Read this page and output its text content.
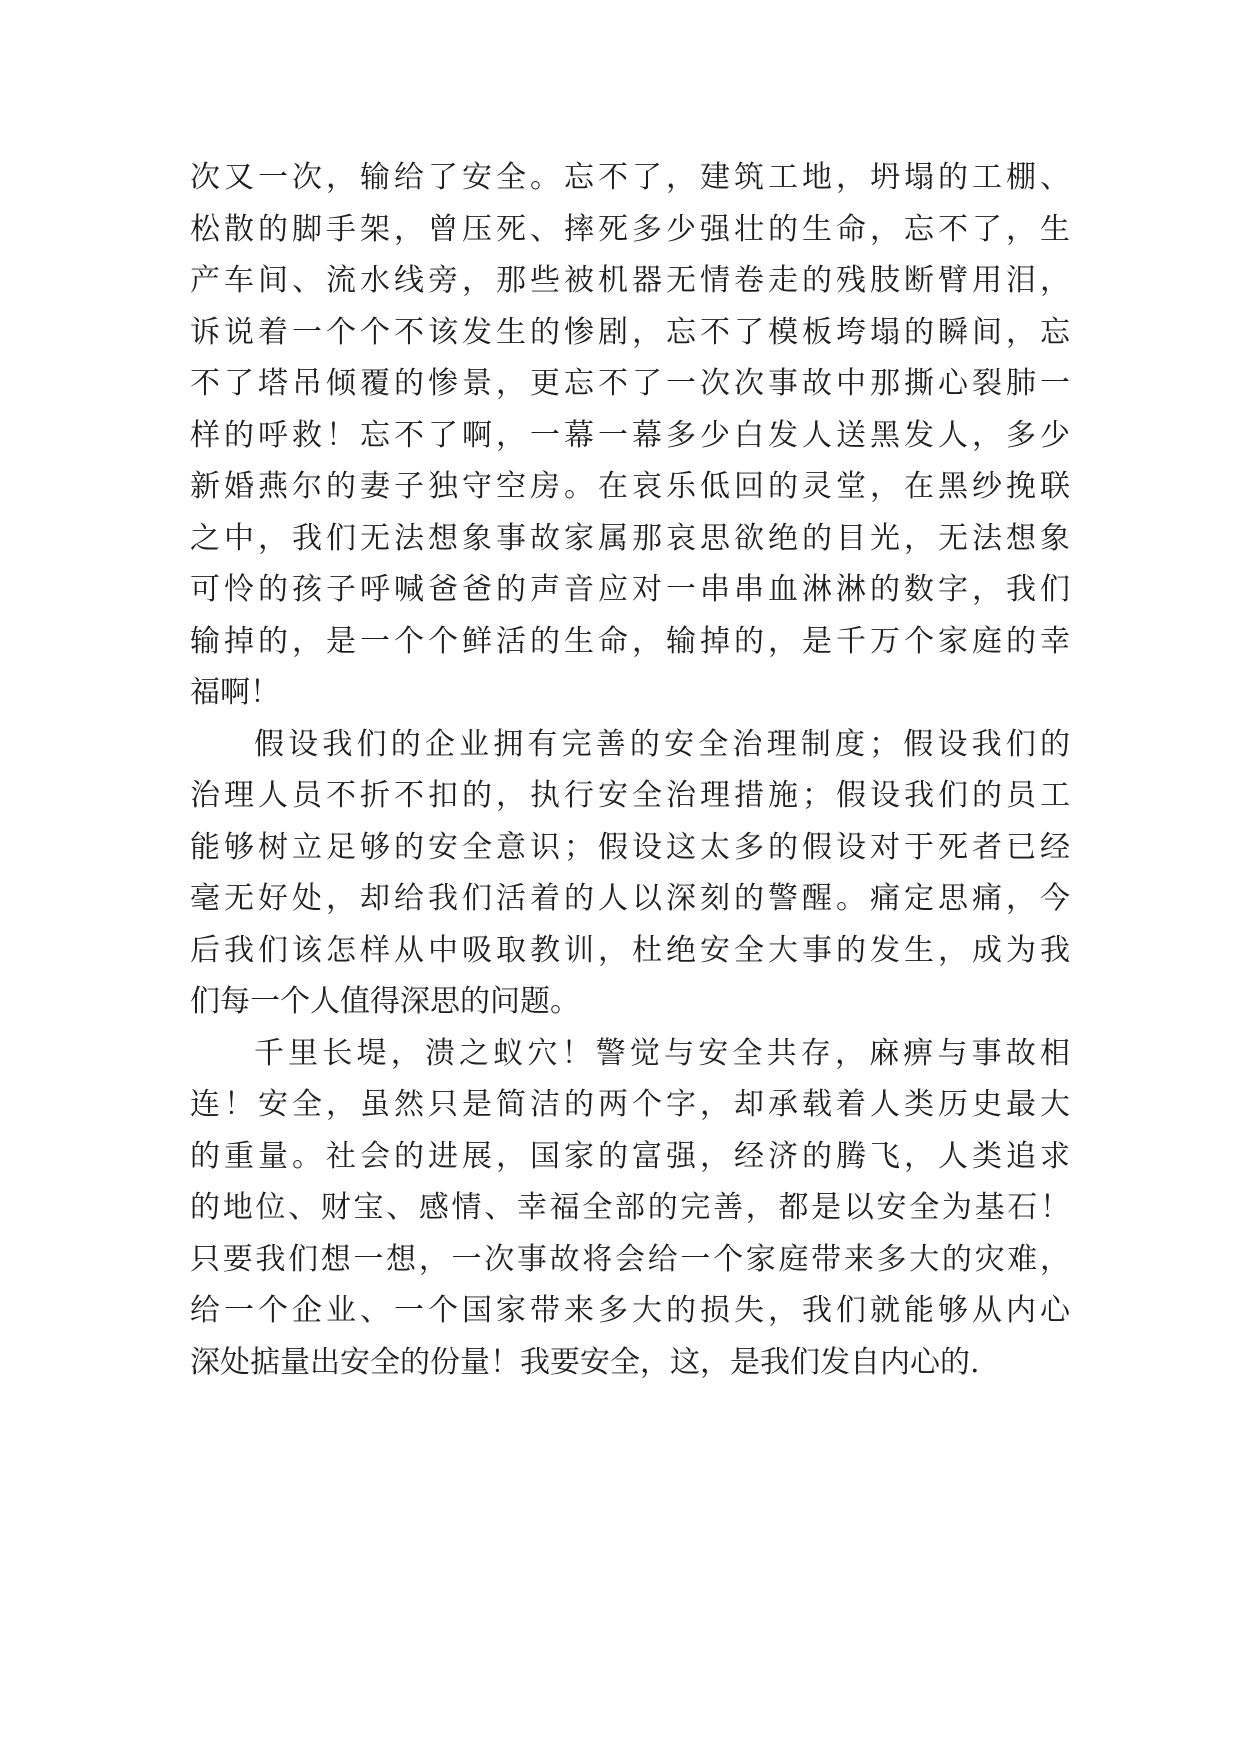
次又一次，输给了安全。忘不了，建筑工地，坍塌的工棚、
松散的脚手架，曾压死、摔死多少强壮的生命，忘不了，生
产车间、流水线旁，那些被机器无情卷走的残肢断臂用泪，
诉说着一个个不该发生的惨剧，忘不了模板垮塌的瞬间，忘
不了塔吊倾覆的惨景，更忘不了一次次事故中那撕心裂肺一
样的呼救！忘不了啊，一幕一幕多少白发人送黑发人，多少
新婚燕尔的妻子独守空房。在哀乐低回的灵堂，在黑纱挽联
之中，我们无法想象事故家属那哀思欲绝的目光，无法想象
可怜的孩子呼喊爸爸的声音应对一串串血淋淋的数字，我们
输掉的，是一个个鲜活的生命，输掉的，是千万个家庭的幸
福啊！
假设我们的企业拥有完善的安全治理制度；假设我们的
治理人员不折不扣的，执行安全治理措施；假设我们的员工
能够树立足够的安全意识；假设这太多的假设对于死者已经
毫无好处，却给我们活着的人以深刻的警醒。痛定思痛，今
后我们该怎样从中吸取教训，杜绝安全大事的发生，成为我
们每一个人值得深思的问题。
千里长堤，溃之蚁穴！警觉与安全共存，麻痹与事故相
连！安全，虽然只是简洁的两个字，却承载着人类历史最大
的重量。社会的进展，国家的富强，经济的腾飞，人类追求
的地位、财宝、感情、幸福全部的完善，都是以安全为基石！
只要我们想一想，一次事故将会给一个家庭带来多大的灾难，
给一个企业、一个国家带来多大的损失，我们就能够从内心
深处掂量出安全的份量！我要安全，这，是我们发自内心的.
